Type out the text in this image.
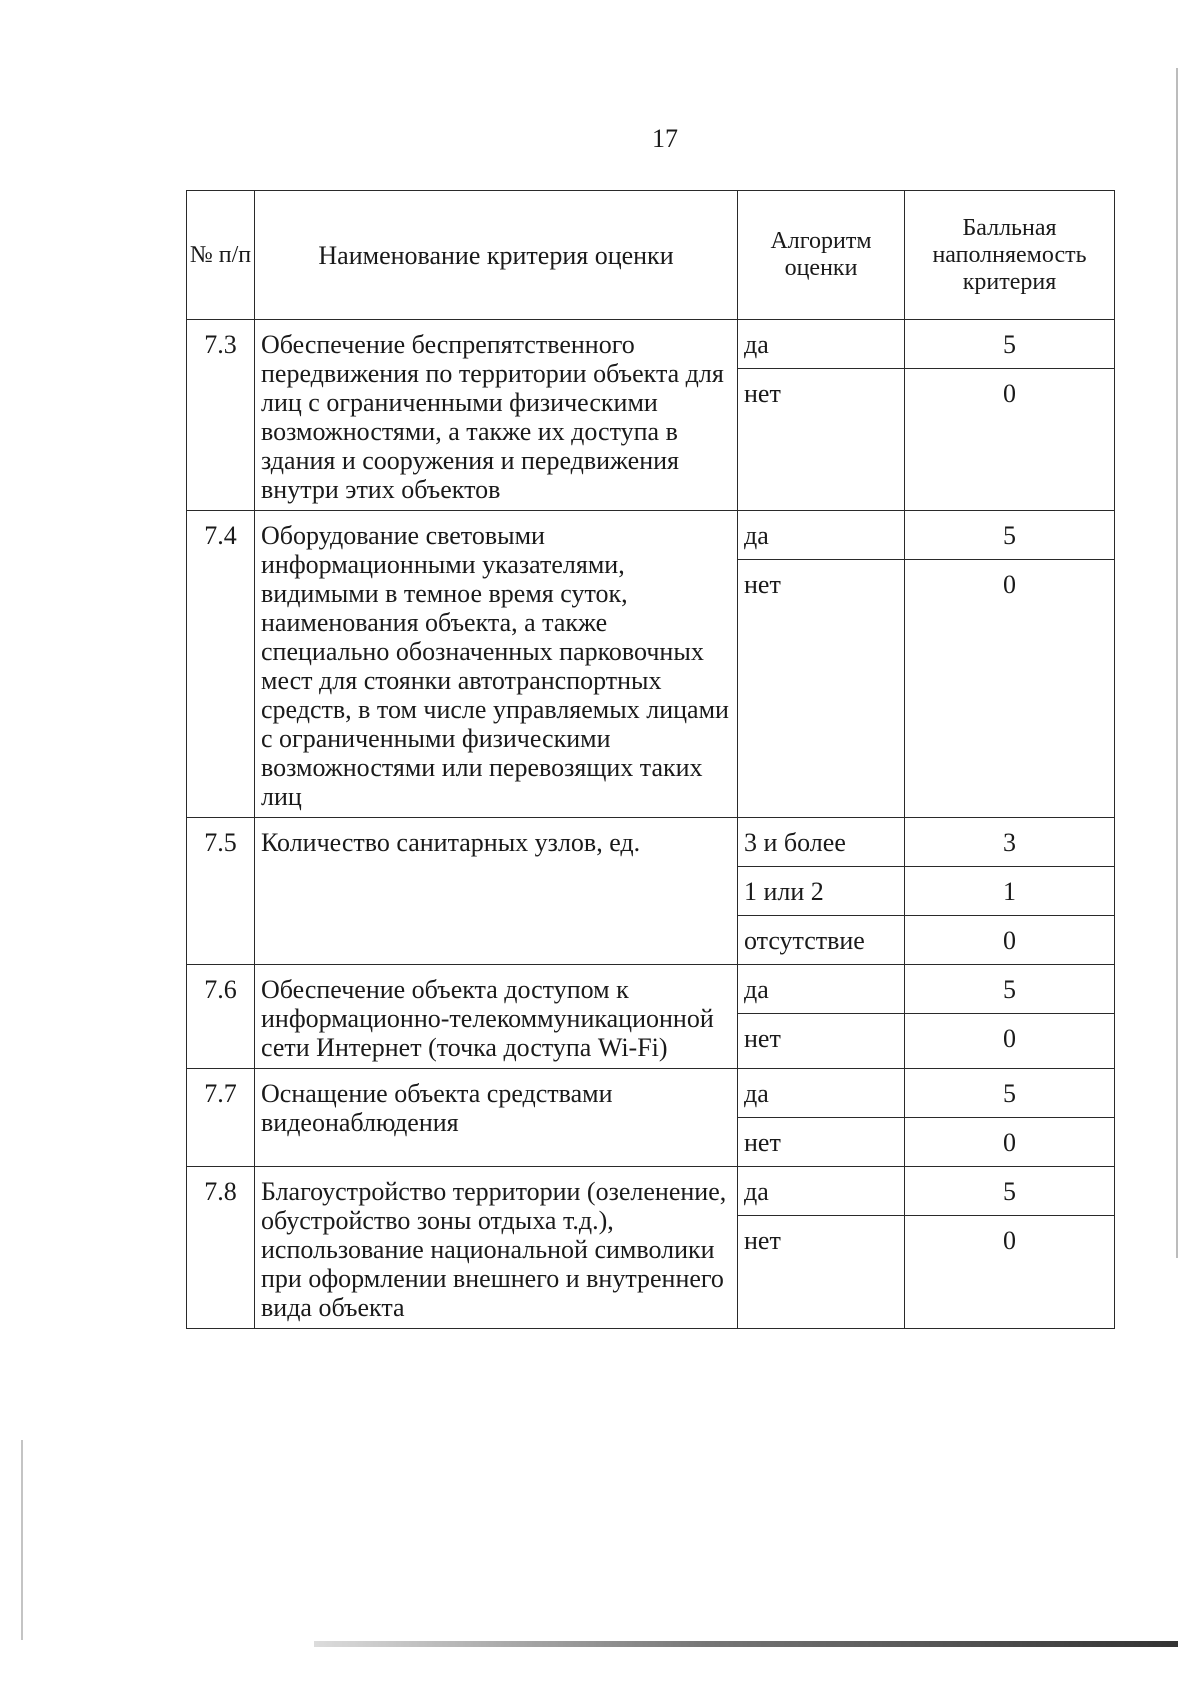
17
№ п/п	Наименование критерия оценки	Алгоритм оценки	Балльная наполняемость критерия
7.3	Обеспечение беспрепятственного передвижения по территории объекта для лиц с ограниченными физическими возможностями, а также их доступа в здания и сооружения и передвижения внутри этих объектов	да	5
		нет	0
7.4	Оборудование световыми информационными указателями, видимыми в темное время суток, наименования объекта, а также специально обозначенных парковочных мест для стоянки автотранспортных средств, в том числе управляемых лицами с ограниченными физическими возможностями или перевозящих таких лиц	да	5
		нет	0
7.5	Количество санитарных узлов, ед.	3 и более	3
		1 или 2	1
		отсутствие	0
7.6	Обеспечение объекта доступом к информационно-телекоммуникационной сети Интернет (точка доступа Wi-Fi)	да	5
		нет	0
7.7	Оснащение объекта средствами видеонаблюдения	да	5
		нет	0
7.8	Благоустройство территории (озеленение, обустройство зоны отдыха т.д.), использование национальной символики при оформлении внешнего и внутреннего вида объекта	да	5
		нет	0
